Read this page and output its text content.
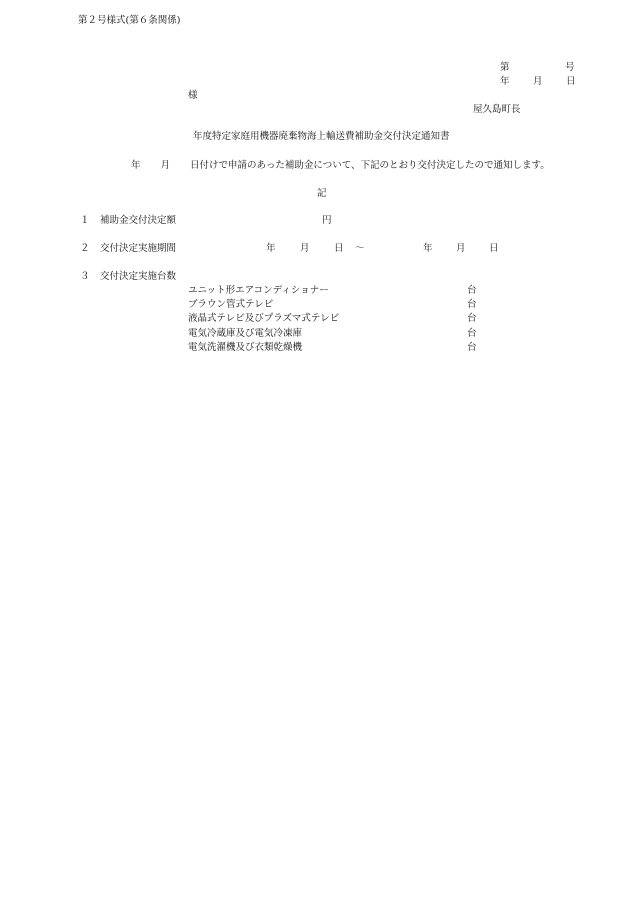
第２号様式(第６条関係)
第	号
年 月 日
様
屋久島町長
年度特定家庭用機器廃棄物海上輸送費補助金交付決定通知書
年 月 日付けで申請のあった補助金について、下記のとおり交付決定したので通知します。
記
１ 補助金交付決定額	円
２ 交付決定実施期間	年	月	日 ～	年 月 日
３ 交付決定実施台数
ユニット形エアコンディショナー	台
ブラウン管式テレビ	台
液晶式テレビ及びプラズマ式テレビ	台
電気冷蔵庫及び電気冷凍庫	台
電気洗濯機及び衣類乾燥機	台
